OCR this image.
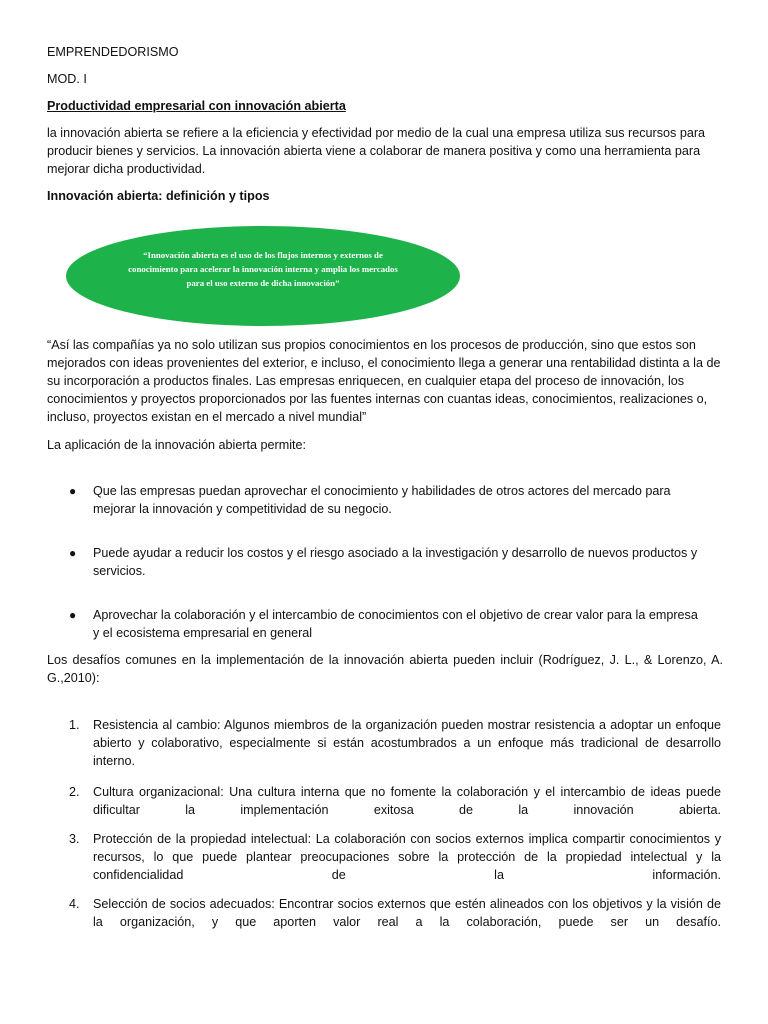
EMPRENDEDORISMO
MOD. I
Productividad empresarial con innovación abierta
la innovación abierta se refiere a la eficiencia y efectividad por medio de la cual una empresa utiliza sus recursos para producir bienes y servicios. La innovación abierta viene a colaborar de manera positiva y como una herramienta para mejorar dicha productividad.
Innovación abierta: definición y tipos
“Así las compañías ya no solo utilizan sus propios conocimientos en los procesos de producción, sino que estos son mejorados con ideas provenientes del exterior, e incluso, el conocimiento llega a generar una rentabilidad distinta a la de su incorporación a productos finales. Las empresas enriquecen, en cualquier etapa del proceso de innovación, los conocimientos y proyectos proporcionados por las fuentes internas con cuantas ideas, conocimientos, realizaciones o, incluso, proyectos existan en el mercado a nivel mundial”
La aplicación de la innovación abierta permite:
● Que las empresas puedan aprovechar el conocimiento y habilidades de otros actores del mercado para mejorar la innovación y competitividad de su negocio.
● Puede ayudar a reducir los costos y el riesgo asociado a la investigación y desarrollo de nuevos productos y servicios.
● Aprovechar la colaboración y el intercambio de conocimientos con el objetivo de crear valor para la empresa y el ecosistema empresarial en general
Los desafíos comunes en la implementación de la innovación abierta pueden incluir (Rodríguez, J. L., & Lorenzo, A. G.,2010):
1. Resistencia al cambio: Algunos miembros de la organización pueden mostrar resistencia a adoptar un enfoque abierto y colaborativo, especialmente si están acostumbrados a un enfoque más tradicional de desarrollo interno.
2. Cultura organizacional: Una cultura interna que no fomente la colaboración y el intercambio de ideas puede dificultar la implementación exitosa de la innovación abierta.
3. Protección de la propiedad intelectual: La colaboración con socios externos implica compartir conocimientos y recursos, lo que puede plantear preocupaciones sobre la protección de la propiedad intelectual y la confidencialidad de la información.
4. Selección de socios adecuados: Encontrar socios externos que estén alineados con los objetivos y la visión de la organización, y que aporten valor real a la colaboración, puede ser un desafío.
“Innovación abierta es el uso de los flujos internos y externos de conocimiento para acelerar la innovación interna y amplia los mercados para el uso externo de dicha innovación”
